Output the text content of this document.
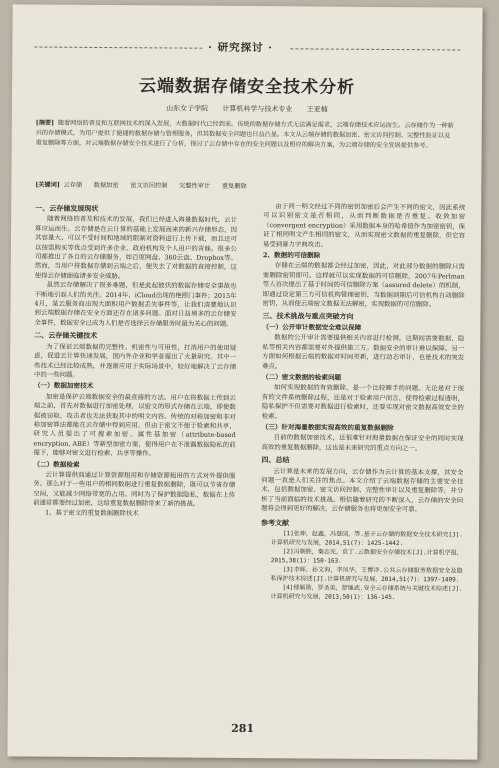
· 研究探讨 ·
云端数据存储安全技术分析
山东女子学院 计算机科学与技术专业 王亚楠
[摘要] 随着网络的普及和互联网技术的深入发展，大数据时代已经到来。传统的数据存储方式无法满足需求，云端存储技术应运而生。云存储作为一种新兴的存储模式，为用户提供了便捷的数据存储与管理服务，但其数据安全问题也日益凸显。本文从云端存储的数据加密、密文访问控制、完整性验证以及重复删除等方面，对云端数据存储安全技术进行了分析，探讨了云存储中存在的安全问题以及相应的解决方案，为云端存储的安全发展提供参考。
[关键词] 云存储 数据加密 密文访问控制 完整性审计 重复删除
一、云存储发展现状

随着网络的普及和技术的发展，我们已经进入海量数据时代，云计算应运而生。云存储是在云计算的基础上发展而来的新兴存储形态，因其容量大、可以不受时间和地域的限制对资料进行上传下载，而且还可以按需购买等优点受到许多企业、政府机构及个人用户的青睐。很多公司都推出了各自的云存储服务，如百度网盘、360云盘、Dropbox等。然而，当用户将数据存储到云端之后，便失去了对数据的直接控制，这使得云存储面临诸多安全威胁。

虽然云存储解决了很多难题，但是此起彼伏的数据存储安全事故也不断地引起人们的关注。2014年，iCloud出现的艳照门事件；2015年4月，某云服务商出现大面积用户数据丢失事件等，让我们清楚地认识到云端数据存储在安全方面还存在诸多问题。面对日益增多的云存储安全事件，数据安全已成为人们是否选择云存储服务时最为关心的问题。

二、云存储关键技术

为了保证云端数据的完整性、机密性与可用性，打消用户的使用疑虑，促进云计算快速发展，国内外企业和学者提出了大量研究。其中一些技术已经比较成熟，并逐渐应用于实际场景中，较好地解决了云存储中的一些问题。

（一）数据加密技术

加密是保护云端数据安全的最直接的方法。用户在将数据上传到云端之前，首先对数据进行加密处理，以密文的形式存储在云端，即使数据被窃取，攻击者也无法获取其中的明文内容。传统的对称加密和非对称加密算法都能在云存储中得到应用，但由于密文不便于检索和共享，研究人员提出了可搜索加密、属性基加密（attribute-based encryption, ABE）等新型加密方案，使得用户在不泄露数据隐私的前提下，能够对密文进行检索、共享等操作。

（二）数据检索

云计算提供商通过计算资源租用和存储资源租用的方式对外提供服务。那么对于一些用户的相同数据进行重复数据删除，既可以节省存储空间，又能减少网络带宽的占用。同时为了保护数据隐私，数据在上传前通常都要经过加密，这给重复数据删除带来了新的挑战。

1、基于密文的重复数据删除技术

由于同一明文经过不同的密钥加密后会产生不同的密文，因此系统可以识别密文是否相同，从而判断数据是否重复。收敛加密（convergent encryption）采用数据本身的哈希值作为加密密钥，保证了相同明文产生相同的密文，从而实现密文数据的重复删除，但它容易受到暴力字典攻击。

2、数据的可信删除

存储在云端的数据都会经过加密，因此，对此部分数据的删除只需要删除密钥即可。这样就可以实现数据的可信删除，2007年Perlman等人首次提出了基于时间的可信删除方案（assured delete）的机制，即通过设定第三方可信机构管理密钥，当数据到期后可信机构自动删除密钥，从而使云端密文数据无法解密，实现数据的可信删除。

三、技术挑战与重点突破方向
（一）公开审计数据安全难以保障

数据的公开审计需要提供相关内容进行检测，这期间需要数据、隐私等相关内容都需要对外提供第三方。数据安全的审计难以保障。另一方面如何根据云端的数据对时间更新，进行动态审计，也是技术的突发难点。

（二）密文数据的检索问题

如何实现数据的有效删除，是一个比较棘手的问题。无论是对于现有的文件系统删除过程，还是对于检索用户而言，使得检索过程透明，隐私保护不但需要对数据进行检索时，还要实现对密文数据高效安全的检索。

（三）针对海量数据实现高效的重复数据删除

目前的数据加密技术，还很难针对海量数据在保证安全的同时实现高效的重复数据删除，这也是未来研究的重点方向之一。

四、总结

云计算是未来的发展方向，云存储作为云计算的基本支撑，其安全问题一直是人们关注的焦点。本文介绍了云端数据存储的主要安全技术，包括数据加密、密文访问控制、完整性审计以及重复删除等，并分析了当前面临的技术挑战。相信随着研究的不断深入，云存储的安全问题将会得到更好的解决，云存储服务也将更加安全可靠。

参考文献

[1]张坤，赵鑫，冯登国，等.基于云存储的数据安全技术研究[J].计算机研究与发展，2014,51(7)：1425-1442.

[2]冯朝胜，秦志光，袁丁.云数据安全存储技术[J].计算机学报，2015,38(1)：150-163.

[3]李晖，孙文海，李凤华，王博洋.公共云存储服务数据安全及隐私保护技术综述[J].计算机研究与发展，2014,51(7)：1397-1409.

[4]傅颖勋，罗圣美，舒继武.安全云存储系统与关键技术综述[J].计算机研究与发展，2013,50(1)：136-145.

281
